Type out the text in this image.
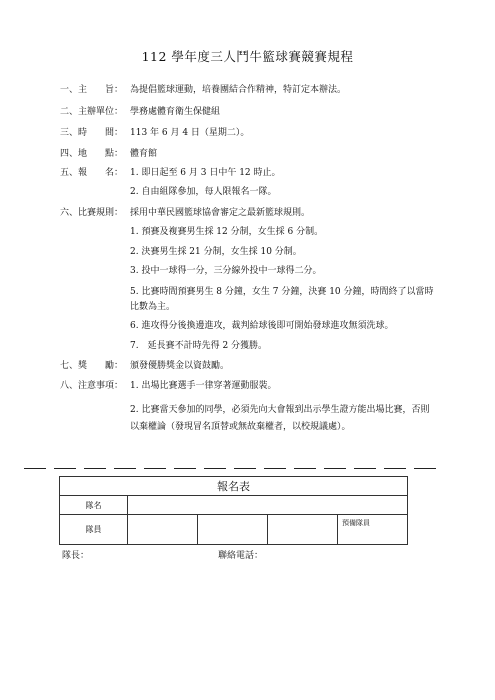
112 學年度三人鬥牛籃球賽競賽規程
一、主　　旨： 為提倡籃球運動，培養團結合作精神，特訂定本辦法。
二、主辦單位： 學務處體育衛生保健組
三、時　　間： 113 年 6 月 4 日（星期二）。
四、地　　點： 體育館
五、報　　名： 1. 即日起至 6 月 3 日中午 12 時止。
2. 自由組隊參加，每人限報名一隊。
六、比賽規則： 採用中華民國籃球協會審定之最新籃球規則。
1. 預賽及複賽男生採 12 分制，女生採 6 分制。
2. 決賽男生採 21 分制，女生採 10 分制。
3. 投中一球得一分，三分線外投中一球得二分。
5. 比賽時間預賽男生 8 分鐘，女生 7 分鐘，決賽 10 分鐘，時間終了以當時比數為主。
6. 進攻得分後換邊進攻，裁判給球後即可開始發球進攻無須洗球。
7.　延長賽不計時先得 2 分獲勝。
七、獎　　勵： 頒發優勝獎金以資鼓勵。
八、注意事項： 1. 出場比賽選手一律穿著運動服裝。
2. 比賽當天參加的同學，必須先向大會報到出示學生證方能出場比賽，否則以棄權論（發現冒名頂替或無故棄權者，以校規議處）。
報名表				
隊名				
隊員				預備隊員
隊長：	聯絡電話：
